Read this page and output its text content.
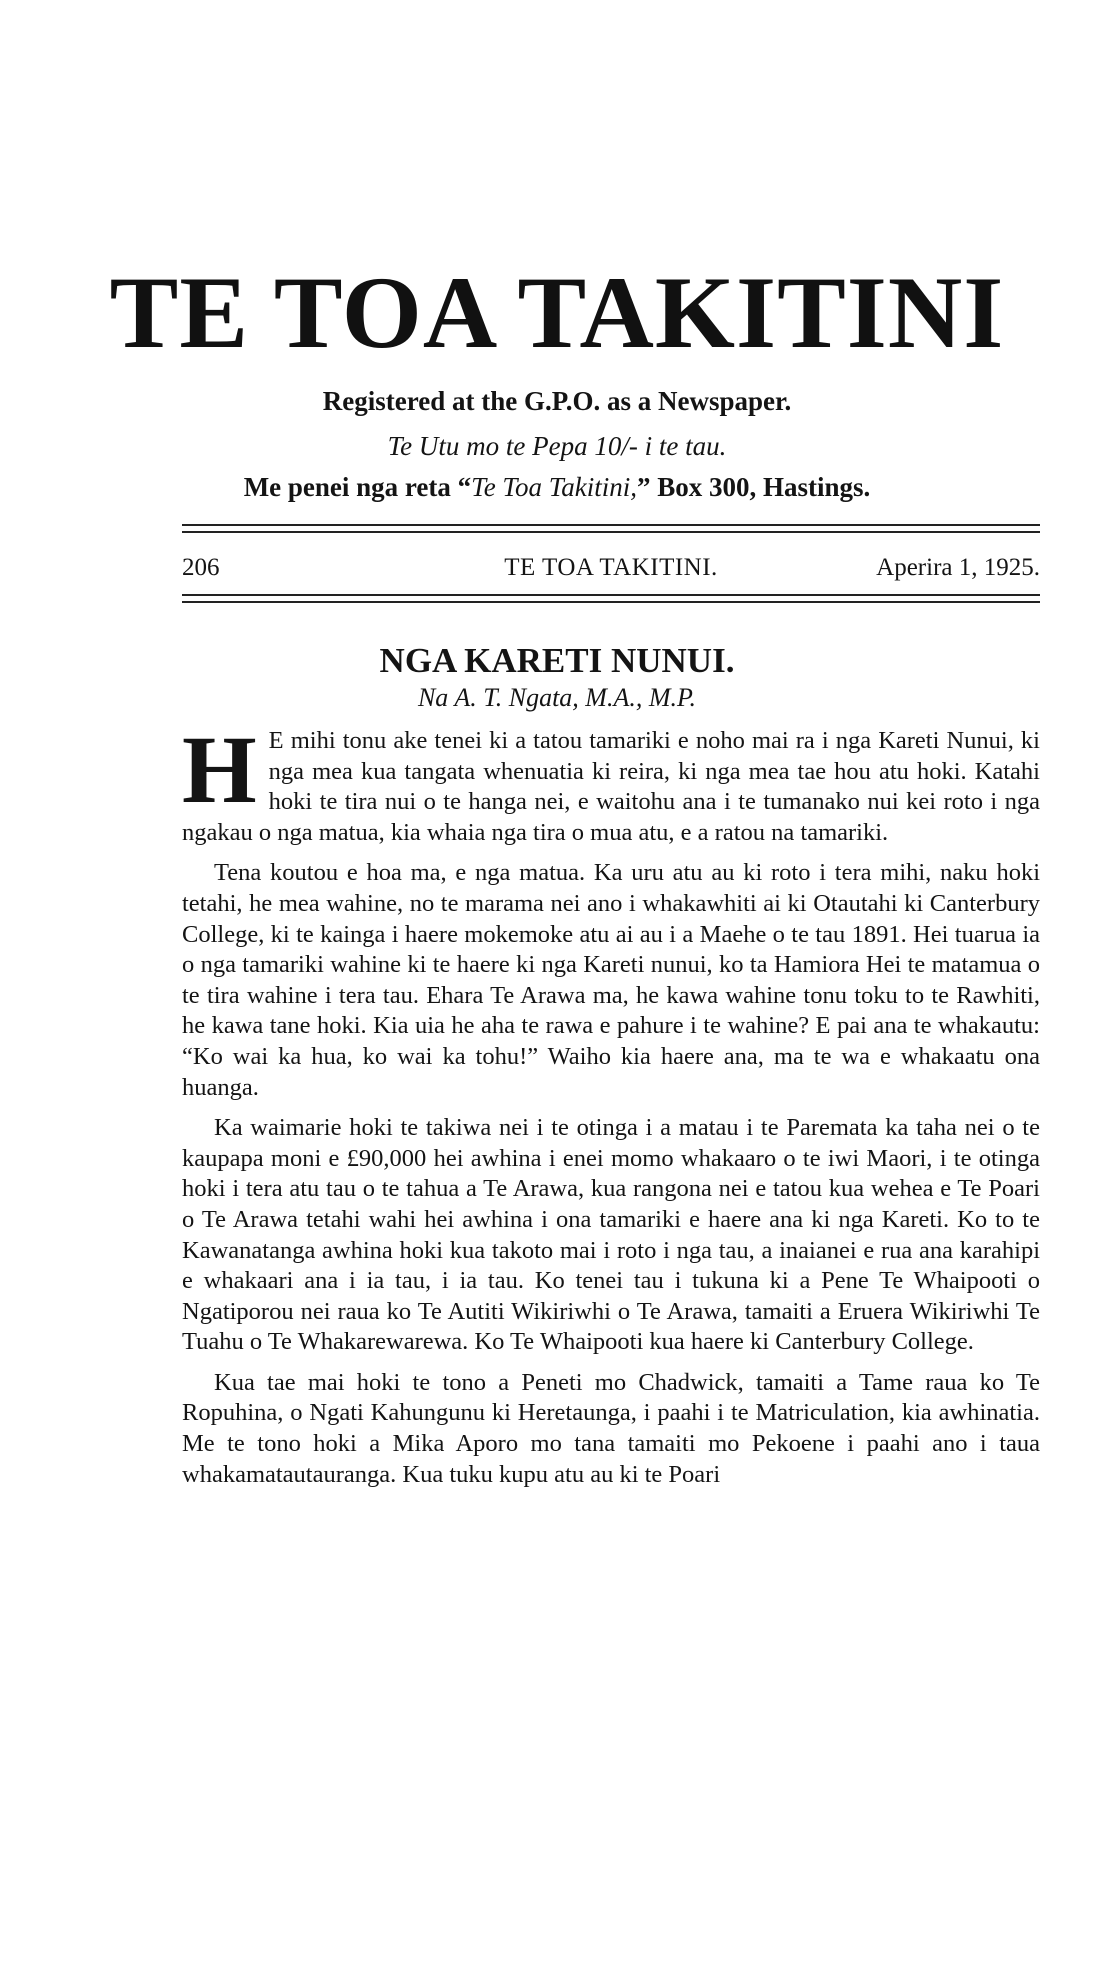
TE TOA TAKITINI
Registered at the G.P.O. as a Newspaper.
Te Utu mo te Pepa 10/- i te tau.
Me penei nga reta “Te Toa Takitini,” Box 300, Hastings.
206	TE TOA TAKITINI.	Aperira 1, 1925.
NGA KARETI NUNUI.
Na A. T. Ngata, M.A., M.P.

H E mihi tonu ake tenei ki a tatou tamariki e noho mai ra i nga Kareti Nunui, ki nga mea kua tangata whenuatia ki reira, ki nga mea tae hou atu hoki. Katahi hoki te tira nui o te hanga nei, e waitohu ana i te tumanako nui kei roto i nga ngakau o nga matua, kia whaia nga tira o mua atu, e a ratou na tamariki.

Tena koutou e hoa ma, e nga matua. Ka uru atu au ki roto i tera mihi, naku hoki tetahi, he mea wahine, no te marama nei ano i whakawhiti ai ki Otautahi ki Canterbury College, ki te kainga i haere mokemoke atu ai au i a Maehe o te tau 1891. Hei tuarua ia o nga tamariki wahine ki te haere ki nga Kareti nunui, ko ta Hamiora Hei te matamua o te tira wahine i tera tau. Ehara Te Arawa ma, he kawa wahine tonu toku to te Rawhiti, he kawa tane hoki. Kia uia he aha te rawa e pahure i te wahine? E pai ana te whakautu: “Ko wai ka hua, ko wai ka tohu!” Waiho kia haere ana, ma te wa e whakaatu ona huanga.

Ka waimarie hoki te takiwa nei i te otinga i a matau i te Paremata ka taha nei o te kaupapa moni e £90,000 hei awhina i enei momo whakaaro o te iwi Maori, i te otinga hoki i tera atu tau o te tahua a Te Arawa, kua rangona nei e tatou kua wehea e Te Poari o Te Arawa tetahi wahi hei awhina i ona tamariki e haere ana ki nga Kareti. Ko to te Kawanatanga awhina hoki kua takoto mai i roto i nga tau, a inaianei e rua ana karahipi e whakaari ana i ia tau, i ia tau. Ko tenei tau i tukuna ki a Pene Te Whaipooti o Ngatiporou nei raua ko Te Autiti Wikiriwhi o Te Arawa, tamaiti a Eruera Wikiriwhi Te Tuahu o Te Whakarewarewa. Ko Te Whaipooti kua haere ki Canterbury College.

Kua tae mai hoki te tono a Peneti mo Chadwick, tamaiti a Tame raua ko Te Ropuhina, o Ngati Kahungunu ki Heretaunga, i paahi i te Matriculation, kia awhinatia. Me te tono hoki a Mika Aporo mo tana tamaiti mo Pekoene i paahi ano i taua whakamatautauranga. Kua tuku kupu atu au ki te Poari
